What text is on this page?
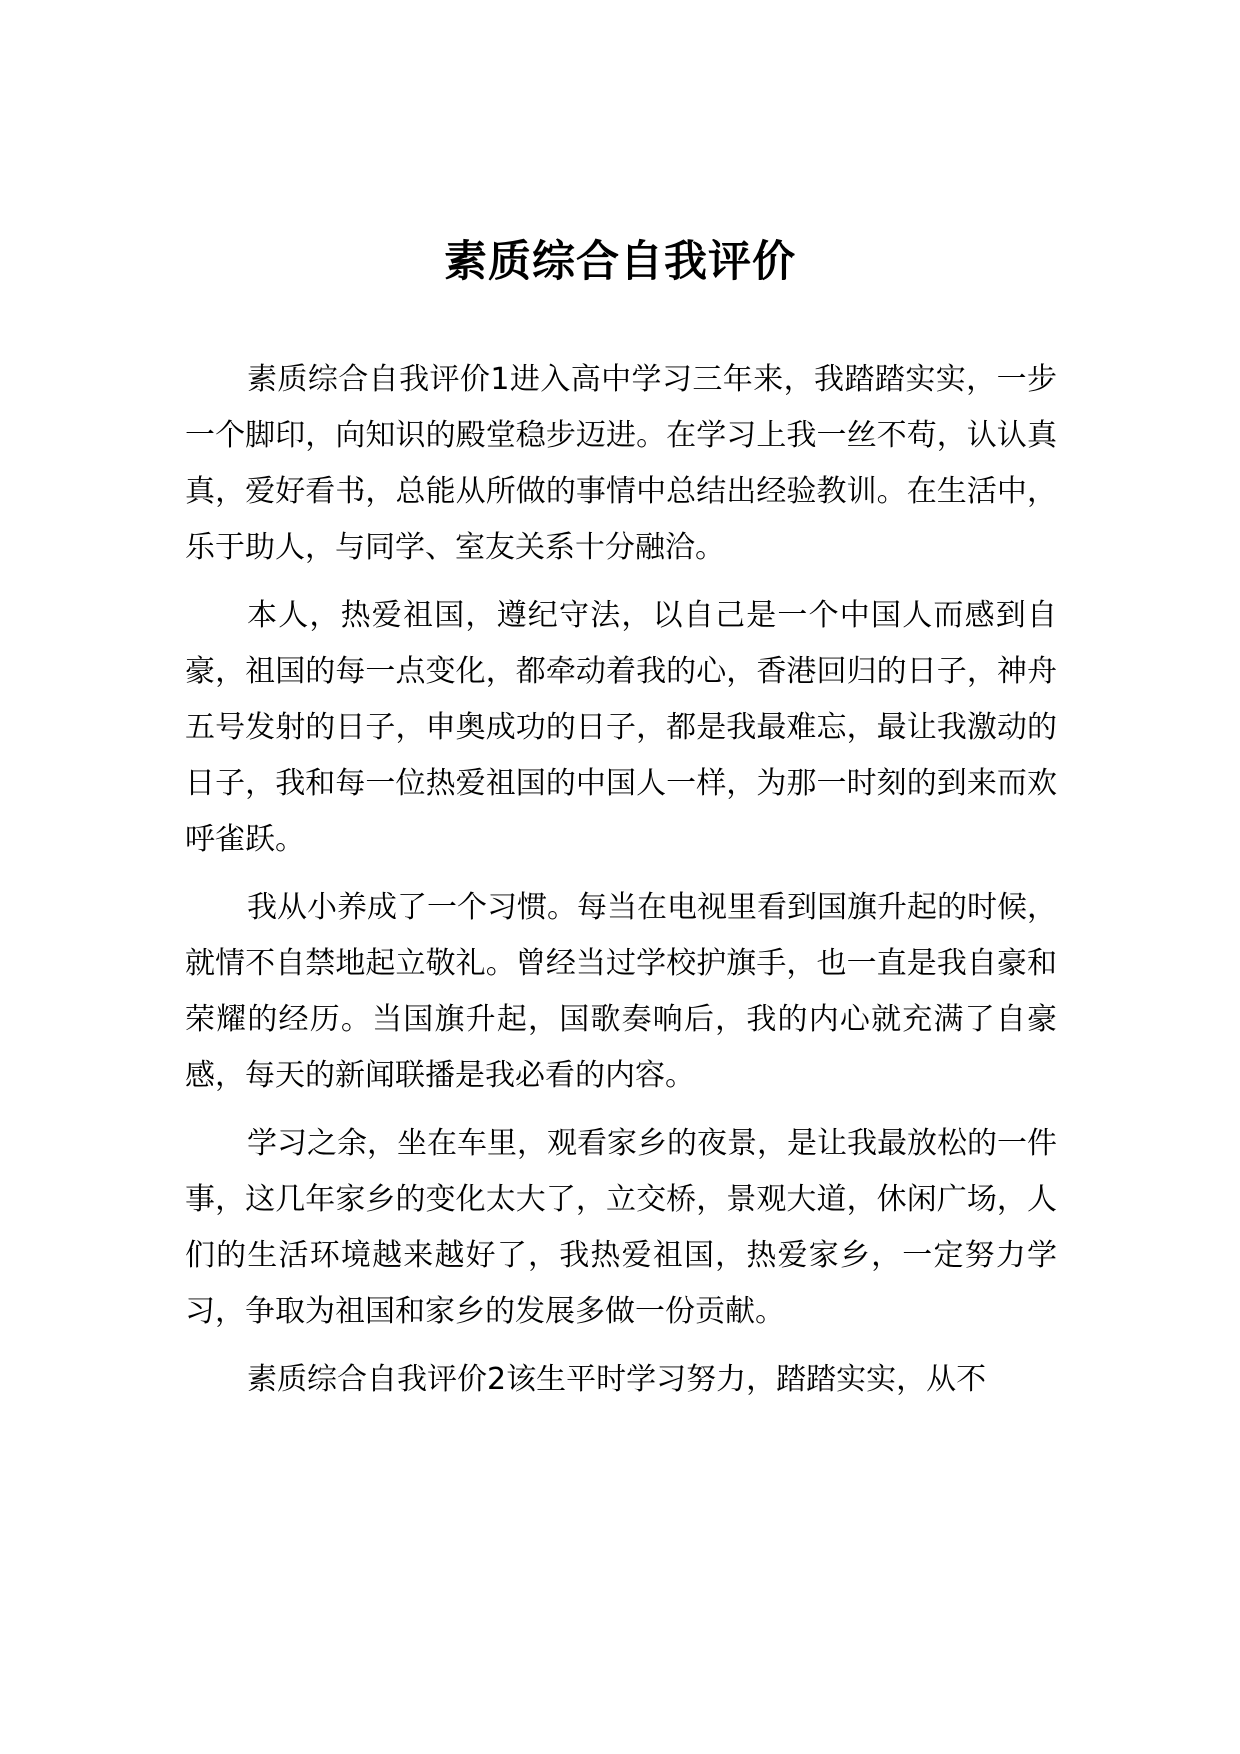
素质综合自我评价

素质综合自我评价1进入高中学习三年来，我踏踏实实，一步一个脚印，向知识的殿堂稳步迈进。在学习上我一丝不苟，认认真真，爱好看书，总能从所做的事情中总结出经验教训。在生活中，乐于助人，与同学、室友关系十分融洽。

本人，热爱祖国，遵纪守法，以自己是一个中国人而感到自豪，祖国的每一点变化，都牵动着我的心，香港回归的日子，神舟五号发射的日子，申奥成功的日子，都是我最难忘，最让我激动的日子，我和每一位热爱祖国的中国人一样，为那一时刻的到来而欢呼雀跃。

我从小养成了一个习惯。每当在电视里看到国旗升起的时候，就情不自禁地起立敬礼。曾经当过学校护旗手，也一直是我自豪和荣耀的经历。当国旗升起，国歌奏响后，我的内心就充满了自豪感，每天的新闻联播是我必看的内容。

学习之余，坐在车里，观看家乡的夜景，是让我最放松的一件事，这几年家乡的变化太大了，立交桥，景观大道，休闲广场，人们的生活环境越来越好了，我热爱祖国，热爱家乡，一定努力学习，争取为祖国和家乡的发展多做一份贡献。

素质综合自我评价2该生平时学习努力，踏踏实实，从不
